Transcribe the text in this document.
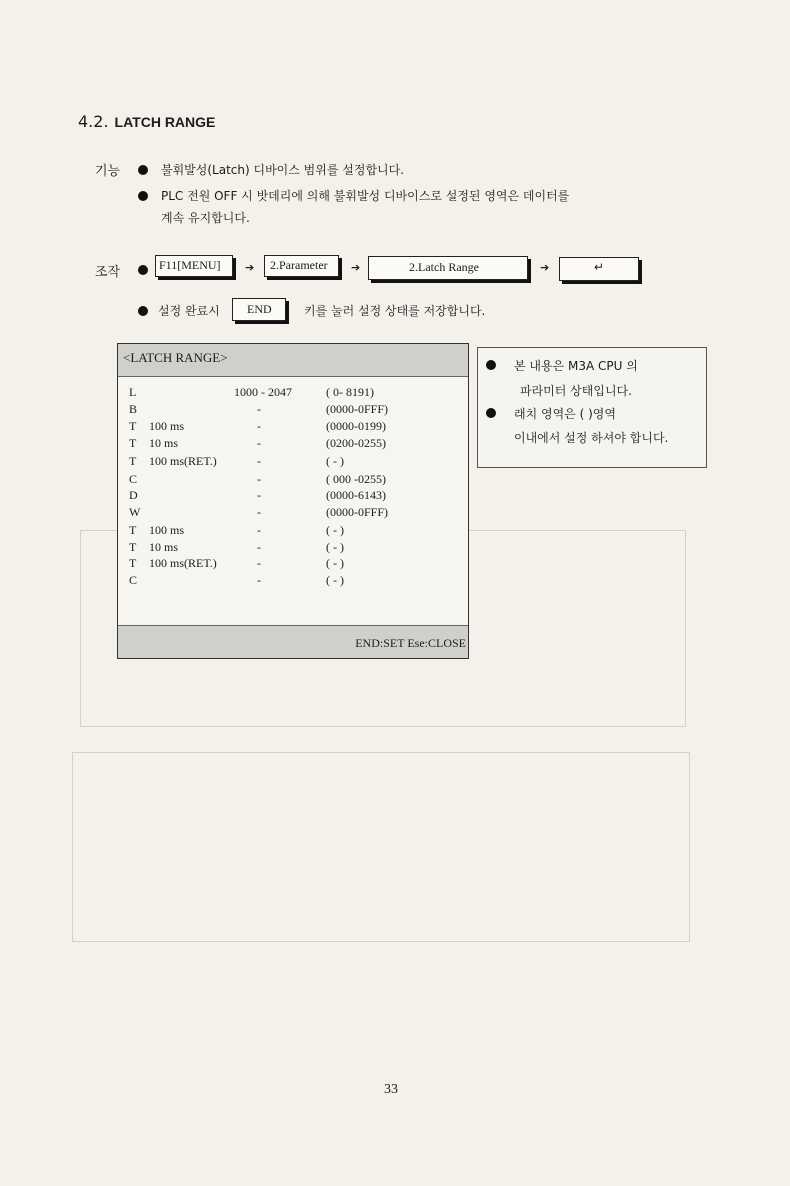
4.2. LATCH RANGE
기능	불휘발성(Latch) 디바이스 범위를 설정합니다.
PLC 전원 OFF 시 밧데리에 의해 불휘발성 디바이스로 설정된 영역은 데이터를
계속 유지합니다.
조작	F11[MENU]	➔	2.Parameter	➔	2.Latch Range	➔	↵
설정 완료시	END	키를 눌러 설정 상태를 저장합니다.
<LATCH RANGE>
L	1000 - 2047	( 0- 8191)
B	-	(0000-0FFF)
T 100 ms	-	(0000-0199)
T 10 ms	-	(0200-0255)
T 100 ms(RET.)	-	( - )
C	-	( 000 -0255)
D	-	(0000-6143)
W	-	(0000-0FFF)
T 100 ms	-	( - )
T 10 ms	-	( - )
T 100 ms(RET.)	-	( - )
C	-	( - )
END:SET Ese:CLOSE
본 내용은 M3A CPU 의
파라미터 상태입니다.
래치 영역은 ( )영역
이내에서 설정 하셔야 합니다.
33
